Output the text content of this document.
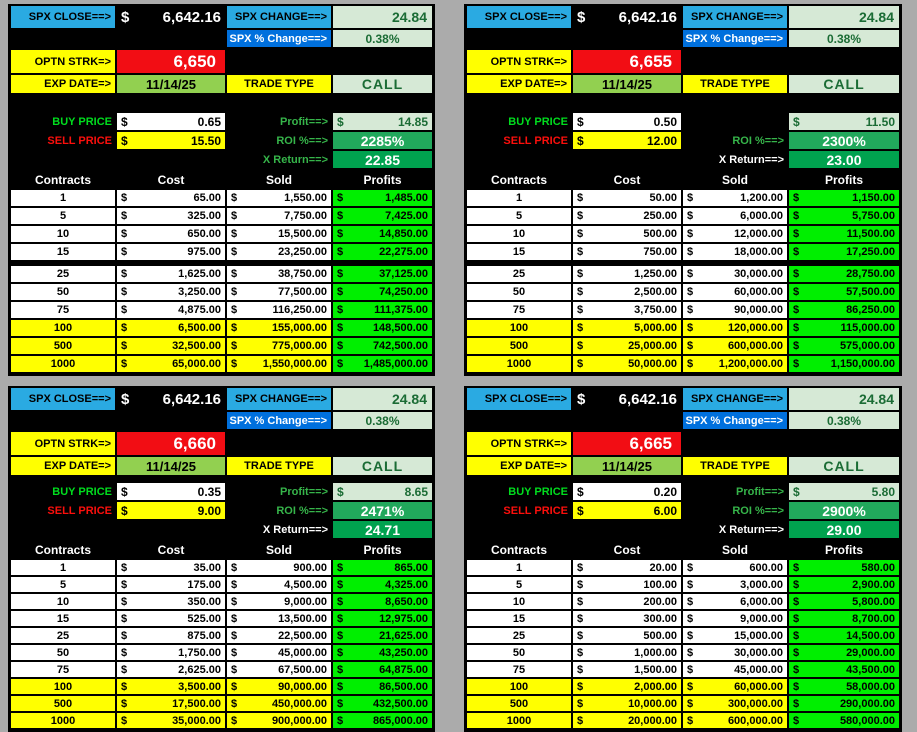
SPX CLOSE==> $ 6,642.16	SPX CHANGE==>	24.84
SPX % Change==>	0.38%
OPTN STRK=>	6,650
EXP DATE=>	11/14/25	TRADE TYPE	CALL
BUY PRICE $	0.65	Profit==> $	14.85
SELL PRICE $	15.50	ROI %==>	2285%
X Return==>	22.85
Contracts	Cost	Sold	Profits
1	$	65.00 $	1,550.00 $	1,485.00
5	$	325.00 $	7,750.00 $	7,425.00
10	$	650.00 $	15,500.00 $	14,850.00
15	$	975.00 $	23,250.00 $	22,275.00
25	$	1,625.00 $	38,750.00 $	37,125.00
50	$	3,250.00 $	77,500.00 $	74,250.00
75	$	4,875.00 $	116,250.00 $	111,375.00
100	$	6,500.00 $	155,000.00 $	148,500.00
500	$	32,500.00 $	775,000.00 $	742,500.00
1000	$	65,000.00 $ 1,550,000.00 $ 1,485,000.00
SPX CLOSE==> $ 6,642.16	SPX CHANGE==>	24.84
SPX % Change==>	0.38%
OPTN STRK=>	6,655
EXP DATE=>	11/14/25	TRADE TYPE	CALL
BUY PRICE $	0.50	$	11.50
SELL PRICE $	12.00	ROI %==>	2300%
X Return==>	23.00
Contracts	Cost	Sold	Profits
1	$	50.00 $	1,200.00 $	1,150.00
5	$	250.00 $	6,000.00 $	5,750.00
10	$	500.00 $	12,000.00 $	11,500.00
15	$	750.00 $	18,000.00 $	17,250.00
25	$	1,250.00 $	30,000.00 $	28,750.00
50	$	2,500.00 $	60,000.00 $	57,500.00
75	$	3,750.00 $	90,000.00 $	86,250.00
100	$	5,000.00 $	120,000.00 $	115,000.00
500	$	25,000.00 $	600,000.00 $	575,000.00
1000	$	50,000.00 $ 1,200,000.00 $	1,150,000.00
SPX CLOSE==> $ 6,642.16	SPX CHANGE==>	24.84
SPX % Change==>	0.38%
OPTN STRK=>	6,660
EXP DATE=>	11/14/25	TRADE TYPE	CALL
BUY PRICE $	0.35	Profit==> $	8.65
SELL PRICE $	9.00	ROI %==>	2471%
X Return==>	24.71
Contracts	Cost	Sold	Profits
1	$	35.00 $	900.00 $	865.00
5	$	175.00 $	4,500.00 $	4,325.00
10	$	350.00 $	9,000.00 $	8,650.00
15	$	525.00 $	13,500.00 $	12,975.00
25	$	875.00 $	22,500.00 $	21,625.00
50	$	1,750.00 $	45,000.00 $	43,250.00
75	$	2,625.00 $	67,500.00 $	64,875.00
100	$	3,500.00 $	90,000.00 $	86,500.00
500	$	17,500.00 $	450,000.00 $	432,500.00
1000	$	35,000.00 $	900,000.00 $	865,000.00
SPX CLOSE==> $ 6,642.16	SPX CHANGE==>	24.84
SPX % Change==>	0.38%
OPTN STRK=>	6,665
EXP DATE=>	11/14/25	TRADE TYPE	CALL
BUY PRICE $	0.20	Profit==> $	5.80
SELL PRICE $	6.00	ROI %==>	2900%
X Return==>	29.00
Contracts	Cost	Sold	Profits
1	$	20.00 $	600.00 $	580.00
5	$	100.00 $	3,000.00 $	2,900.00
10	$	200.00 $	6,000.00 $	5,800.00
15	$	300.00 $	9,000.00 $	8,700.00
25	$	500.00 $	15,000.00 $	14,500.00
50	$	1,000.00 $	30,000.00 $	29,000.00
75	$	1,500.00 $	45,000.00 $	43,500.00
100	$	2,000.00 $	60,000.00 $	58,000.00
500	$	10,000.00 $	300,000.00 $	290,000.00
1000	$	20,000.00 $	600,000.00 $	580,000.00
